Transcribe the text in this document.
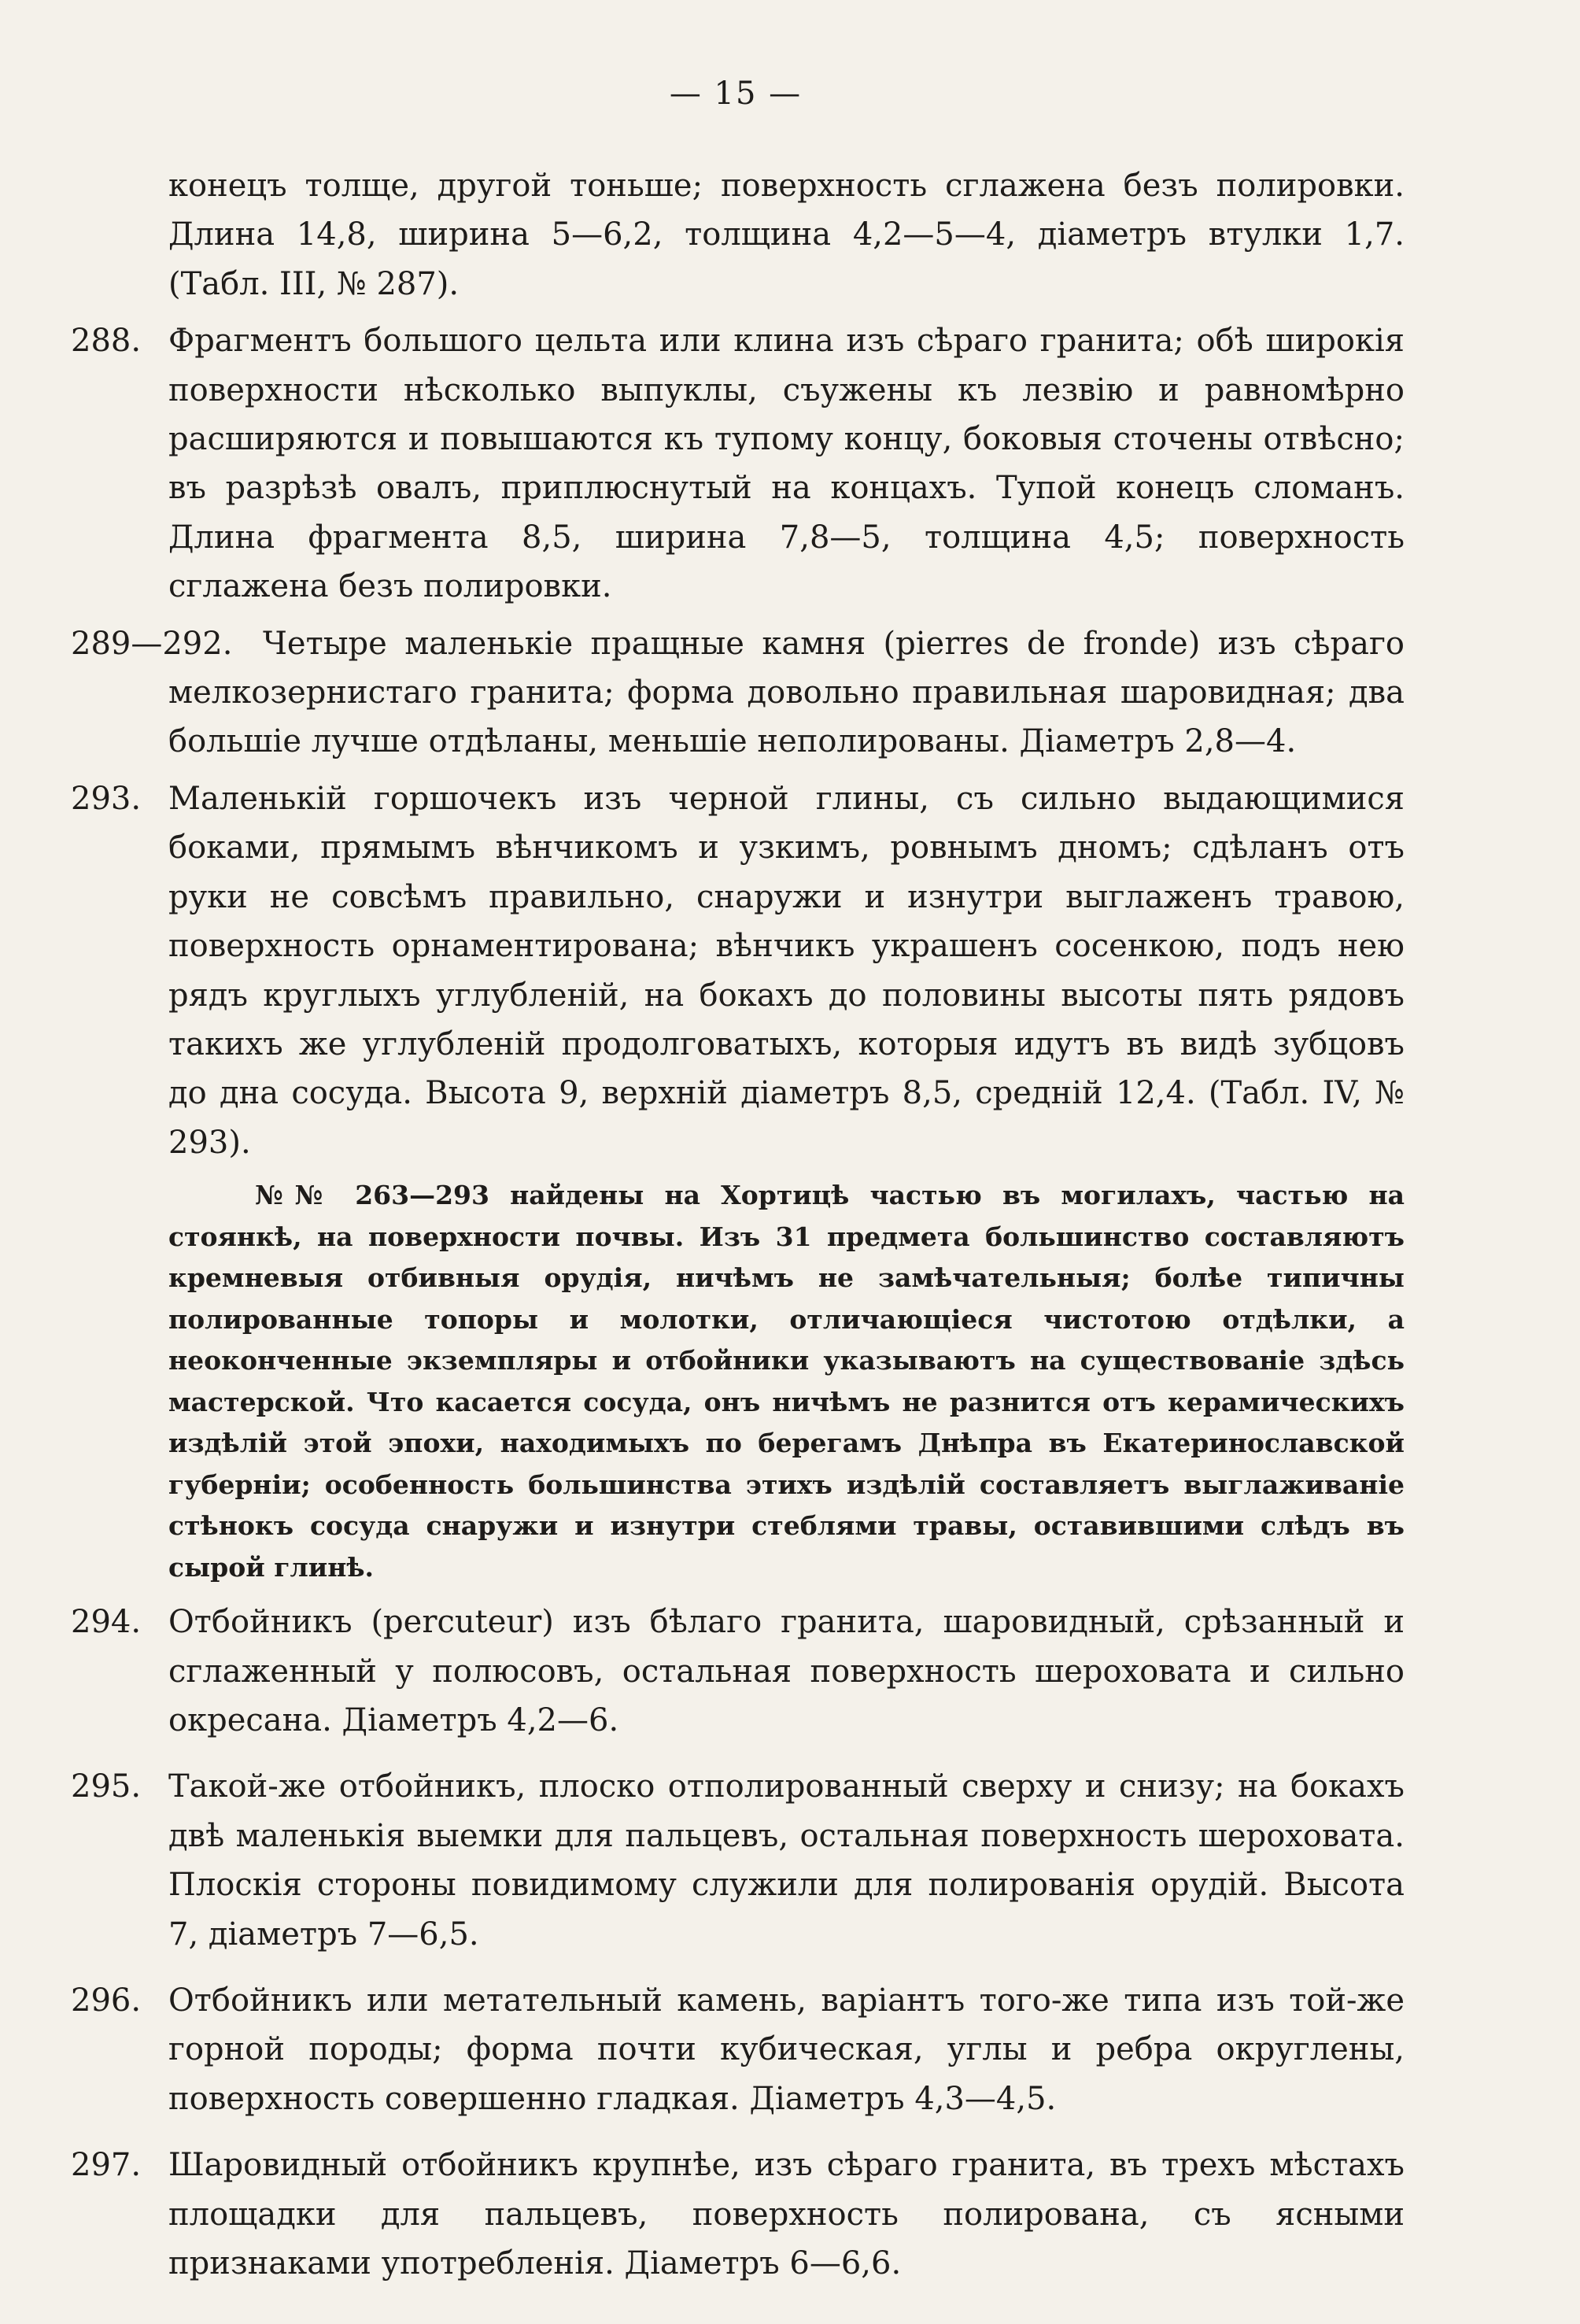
— 15 —

конецъ толще, другой тоньше; поверхность сглажена безъ полировки. Длина 14,8, ширина 5—6,2, толщина 4,2—5—4, діаметръ втулки 1,7. (Табл. III, № 287).

288. Фрагментъ большого цельта или клина изъ сѣраго гранита; обѣ широкія поверхности нѣсколько выпуклы, съужены къ лезвію и равномѣрно расширяются и повышаются къ тупому концу, боковыя сточены отвѣсно; въ разрѣзѣ овалъ, приплюснутый на концахъ. Тупой конецъ сломанъ. Длина фрагмента 8,5, ширина 7,8—5, толщина 4,5; поверхность сглажена безъ полировки.

289—292. Четыре маленькіе пращные камня (pierres de fronde) изъ сѣраго мелкозернистаго гранита; форма довольно правильная шаровидная; два большіе лучше отдѣланы, меньшіе неполированы. Діаметръ 2,8—4.

293. Маленькій горшочекъ изъ черной глины, съ сильно выдающимися боками, прямымъ вѣнчикомъ и узкимъ, ровнымъ дномъ; сдѣланъ отъ руки не совсѣмъ правильно, снаружи и изнутри выглаженъ травою, поверхность орнаментирована; вѣнчикъ украшенъ сосенкою, подъ нею рядъ круглыхъ углубленій, на бокахъ до половины высоты пять рядовъ такихъ же углубленій продолговатыхъ, которыя идутъ въ видѣ зубцовъ до дна сосуда. Высота 9, верхній діаметръ 8,5, средній 12,4. (Табл. IV, № 293).

№№ 263—293 найдены на Хортицѣ частью въ могилахъ, частью на стоянкѣ, на поверхности почвы. Изъ 31 предмета большинство составляютъ кремневыя отбивныя орудія, ничѣмъ не замѣчательныя; болѣе типичны полированные топоры и молотки, отличающіеся чистотою отдѣлки, а неоконченные экземпляры и отбойники указываютъ на существованіе здѣсь мастерской. Что касается сосуда, онъ ничѣмъ не разнится отъ керамическихъ издѣлій этой эпохи, находимыхъ по берегамъ Днѣпра въ Екатеринославской губерніи; особенность большинства этихъ издѣлій составляетъ выглаживаніе стѣнокъ сосуда снаружи и изнутри стеблями травы, оставившими слѣдъ въ сырой глинѣ.
294. Отбойникъ (percuteur) изъ бѣлаго гранита, шаровидный, срѣзанный и сглаженный у полюсовъ, остальная поверхность шероховата и сильно окресана. Діаметръ 4,2—6.

295. Такой-же отбойникъ, плоско отполированный сверху и снизу; на бокахъ двѣ маленькія выемки для пальцевъ, остальная поверхность шероховата. Плоскія стороны повидимому служили для полированія орудій. Высота 7, діаметръ 7—6,5.

296. Отбойникъ или метательный камень, варіантъ того-же типа изъ той-же горной породы; форма почти кубическая, углы и ребра округлены, поверхность совершенно гладкая. Діаметръ 4,3—4,5.

297. Шаровидный отбойникъ крупнѣе, изъ сѣраго гранита, въ трехъ мѣстахъ площадки для пальцевъ, поверхность полирована, съ ясными признаками употребленія. Діаметръ 6—6,6.
